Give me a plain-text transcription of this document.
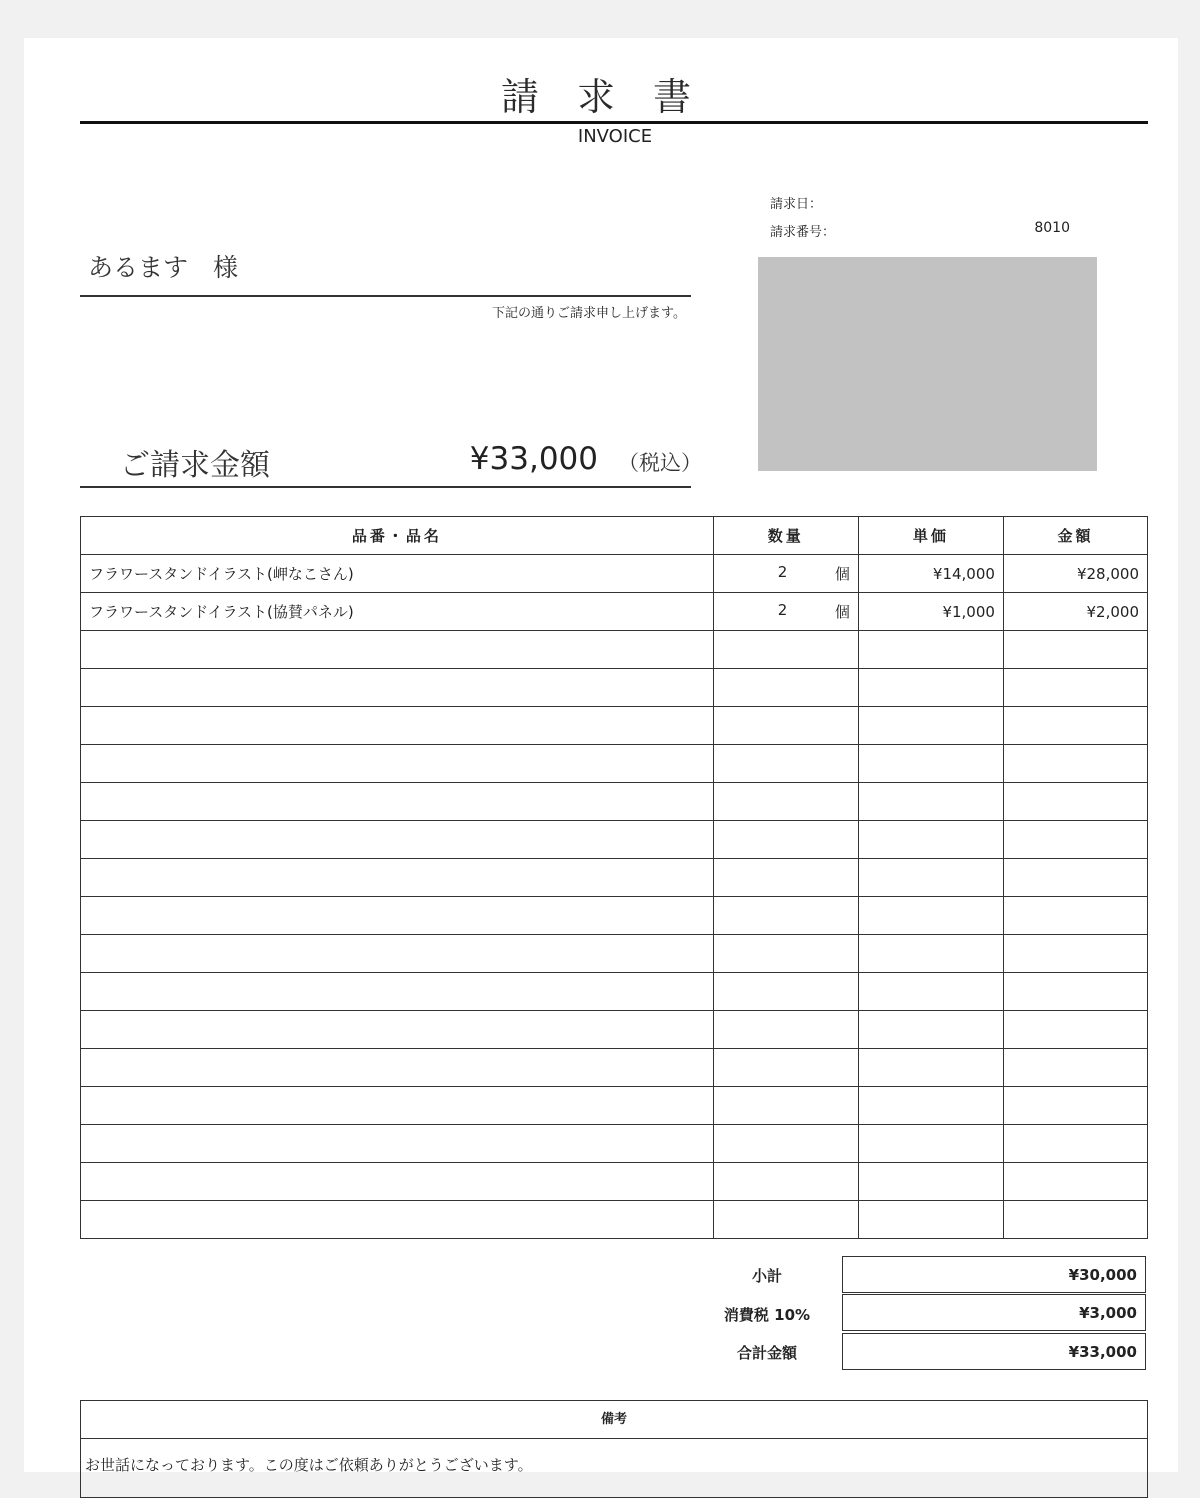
請求書
INVOICE
請求日：
請求番号：	8010
あるます　様
下記の通りご請求申し上げます。
ご請求金額	¥33,000 （税込）
品番・品名	数量	単価	金額
フラワースタンドイラスト(岬なこさん)	2 個	¥14,000	¥28,000
フラワースタンドイラスト(協賛パネル)	2 個	¥1,000	¥2,000

小計	¥30,000
消費税 10%	¥3,000
合計金額	¥33,000
備考
お世話になっております。この度はご依頼ありがとうございます。
